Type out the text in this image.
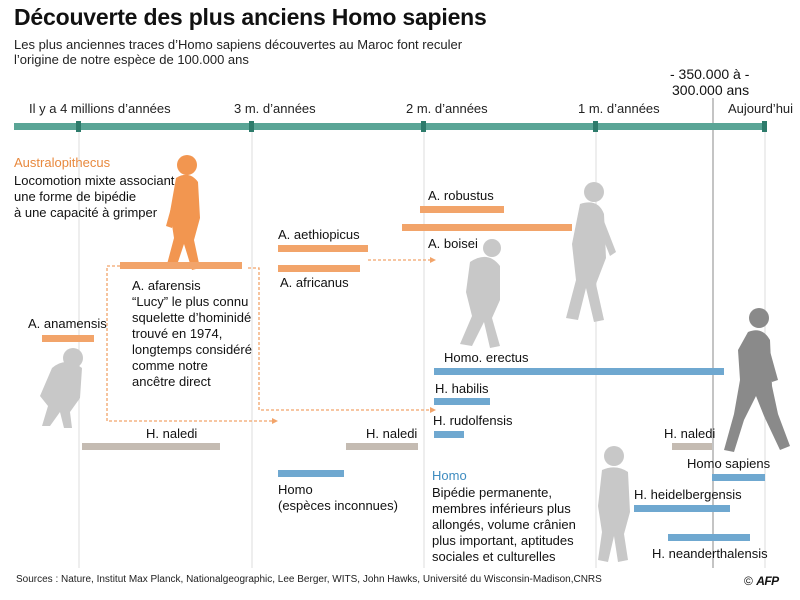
Découverte des plus anciens Homo sapiens
Les plus anciennes traces d’Homo sapiens découvertes au Maroc font reculer l’origine de notre espèce de 100.000 ans
Il y a 4 millions d’années	3 m. d’années	2 m. d’années	1 m. d’années	Aujourd’hui
- 350.000 à -
300.000 ans
Australopithecus
Locomotion mixte associant
une forme de bipédie
à une capacité à grimper
A. anamensis
A. afarensis
“Lucy” le plus connu
squelette d’hominidé
trouvé en 1974,
longtemps considéré
comme notre
ancêtre direct
A. aethiopicus
A. africanus
A. robustus
A. boisei
Homo. erectus
H. habilis
H. rudolfensis
H. naledi	H. naledi	H. naledi
Homo
(espèces inconnues)
Homo sapiens
H. heidelbergensis
H. neanderthalensis
Homo
Bipédie permanente,
membres inférieurs plus
allongés, volume crânien
plus important, aptitudes
sociales et culturelles
Sources : Nature, Institut Max Planck, Nationalgeographic, Lee Berger, WITS, John Hawks, Université du Wisconsin-Madison,CNRS	© AFP
